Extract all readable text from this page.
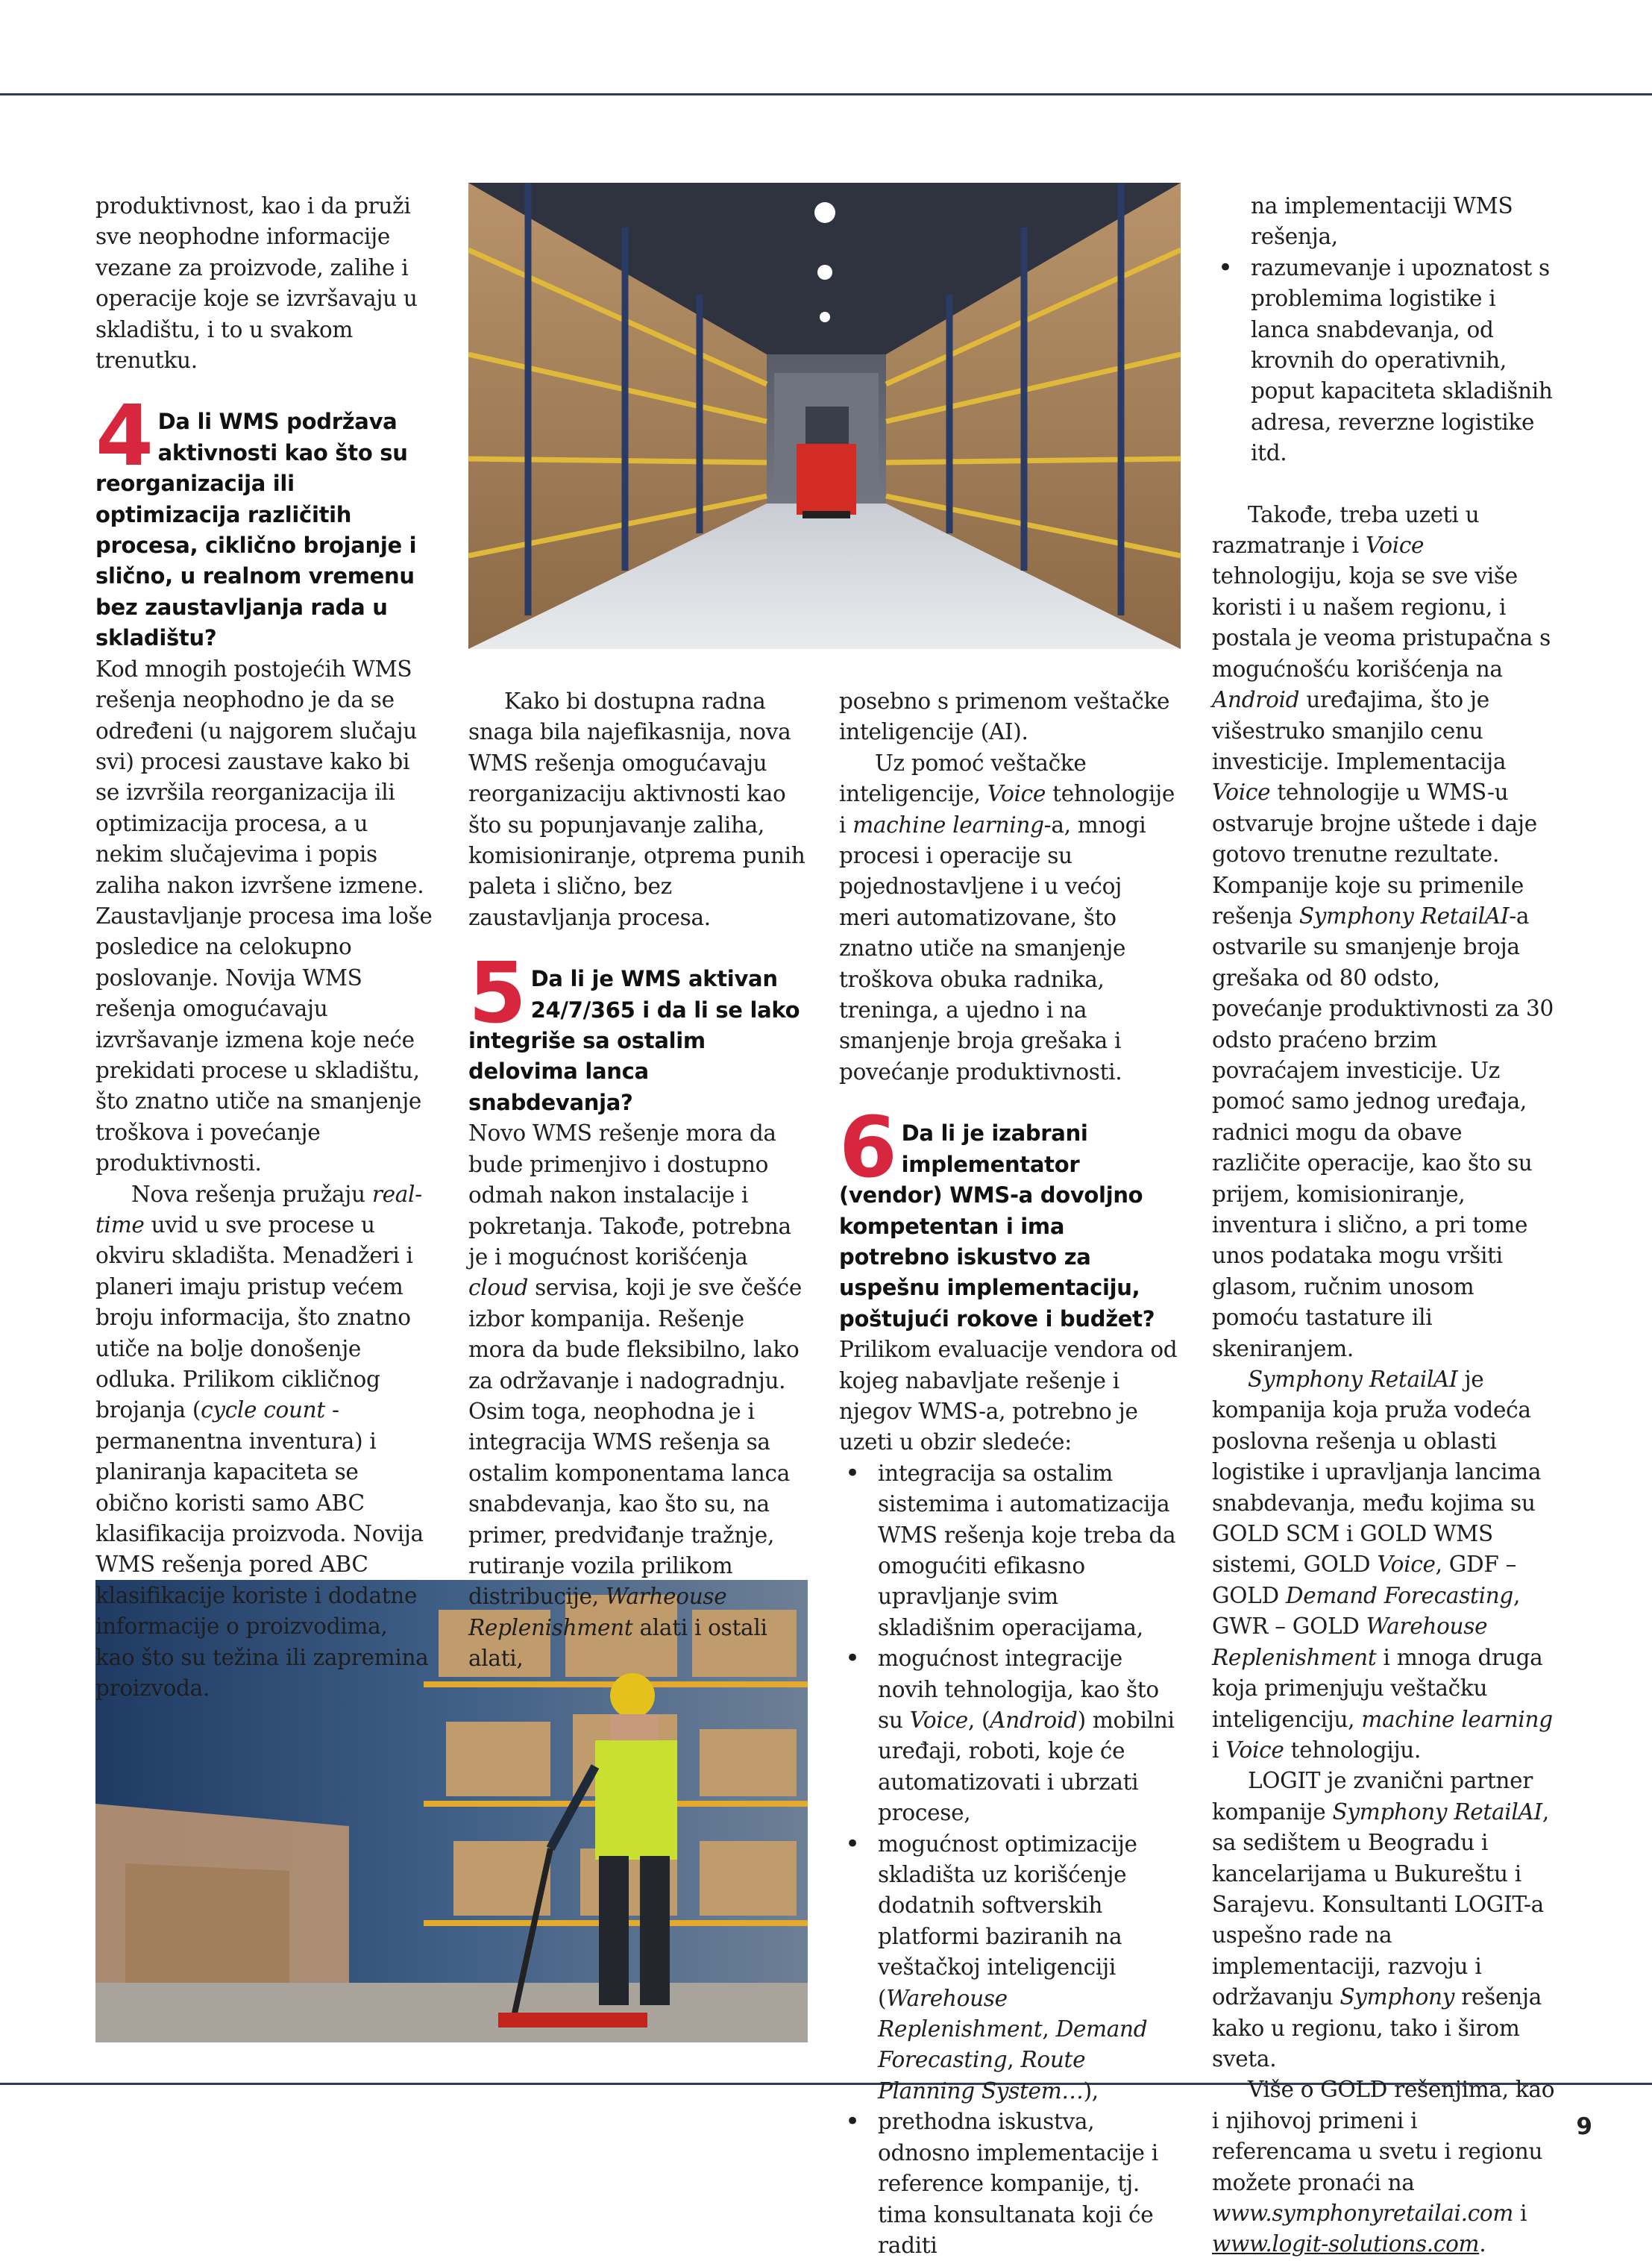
produktivnost, kao i da pruži sve neophodne informacije vezane za proizvode, zalihe i operacije koje se izvršavaju u skladištu, i to u svakom trenutku.

4 Da li WMS podržava aktivnosti kao što su reorganizacija ili optimizacija različitih procesa, ciklično brojanje i slično, u realnom vremenu bez zaustavljanja rada u skladištu?

Kod mnogih postojećih WMS rešenja neophodno je da se određeni (u najgorem slučaju svi) procesi zaustave kako bi se izvršila reorganizacija ili optimizacija procesa, a u nekim slučajevima i popis zaliha nakon izvršene izmene. Zaustavljanje procesa ima loše posledice na celokupno poslovanje. Novija WMS rešenja omogućavaju izvršavanje izmena koje neće prekidati procese u skladištu, što znatno utiče na smanjenje troškova i povećanje produktivnosti.

Nova rešenja pružaju real-time uvid u sve procese u okviru skladišta. Menadžeri i planeri imaju pristup većem broju informacija, što znatno utiče na bolje donošenje odluka. Prilikom cikličnog brojanja (cycle count - permanentna inventura) i planiranja kapaciteta se obično koristi samo ABC klasifikacija proizvoda. Novija WMS rešenja pored ABC klasifikacije koriste i dodatne informacije o proizvodima, kao što su težina ili zapremina proizvoda.

Kako bi dostupna radna snaga bila najefikasnija, nova WMS rešenja omogućavaju reorganizaciju aktivnosti kao što su popunjavanje zaliha, komisioniranje, otprema punih paleta i slično, bez zaustavljanja procesa.

5 Da li je WMS aktivan 24/7/365 i da li se lako integriše sa ostalim delovima lanca snabdevanja?

Novo WMS rešenje mora da bude primenjivo i dostupno odmah nakon instalacije i pokretanja. Takođe, potrebna je i mogućnost korišćenja cloud servisa, koji je sve češće izbor kompanija. Rešenje mora da bude fleksibilno, lako za održavanje i nadogradnju. Osim toga, neophodna je i integracija WMS rešenja sa ostalim komponentama lanca snabdevanja, kao što su, na primer, predviđanje tražnje, rutiranje vozila prilikom distribucije, Warheouse Replenishment alati i ostali alati,

posebno s primenom veštačke inteligencije (AI).

Uz pomoć veštačke inteligencije, Voice tehnologije i machine learning-a, mnogi procesi i operacije su pojednostavljene i u većoj meri automatizovane, što znatno utiče na smanjenje troškova obuka radnika, treninga, a ujedno i na smanjenje broja grešaka i povećanje produktivnosti.

6 Da li je izabrani implementator (vendor) WMS-a dovoljno kompetentan i ima potrebno iskustvo za uspešnu implementaciju, poštujući rokove i budžet?

Prilikom evaluacije vendora od kojeg nabavljate rešenje i njegov WMS-a, potrebno je uzeti u obzir sledeće:

• integracija sa ostalim sistemima i automatizacija WMS rešenja koje treba da omogućiti efikasno upravljanje svim skladišnim operacijama,
• mogućnost integracije novih tehnologija, kao što su Voice, (Android) mobilni uređaji, roboti, koje će automatizovati i ubrzati procese,
• mogućnost optimizacije skladišta uz korišćenje dodatnih softverskih platformi baziranih na veštačkoj inteligenciji (Warehouse Replenishment, Demand Forecasting, Route Planning System…),
• prethodna iskustva, odnosno implementacije i reference kompanije, tj. tima konsultanata koji će raditi
na implementaciji WMS rešenja,
• razumevanje i upoznatost s problemima logistike i lanca snabdevanja, od krovnih do operativnih, poput kapaciteta skladišnih adresa, reverzne logistike itd.

Takođe, treba uzeti u razmatranje i Voice tehnologiju, koja se sve više koristi i u našem regionu, i postala je veoma pristupačna s mogućnošću korišćenja na Android uređajima, što je višestruko smanjilo cenu investicije. Implementacija Voice tehnologije u WMS-u ostvaruje brojne uštede i daje gotovo trenutne rezultate. Kompanije koje su primenile rešenja Symphony RetailAI-a ostvarile su smanjenje broja grešaka od 80 odsto, povećanje produktivnosti za 30 odsto praćeno brzim povraćajem investicije. Uz pomoć samo jednog uređaja, radnici mogu da obave različite operacije, kao što su prijem, komisioniranje, inventura i slično, a pri tome unos podataka mogu vršiti glasom, ručnim unosom pomoću tastature ili skeniranjem.

Symphony RetailAI je kompanija koja pruža vodeća poslovna rešenja u oblasti logistike i upravljanja lancima snabdevanja, među kojima su GOLD SCM i GOLD WMS sistemi, GOLD Voice, GDF – GOLD Demand Forecasting, GWR – GOLD Warehouse Replenishment i mnoga druga koja primenjuju veštačku inteligenciju, machine learning i Voice tehnologiju.

LOGIT je zvanični partner kompanije Symphony RetailAI, sa sedištem u Beogradu i kancelarijama u Bukureštu i Sarajevu. Konsultanti LOGIT-a uspešno rade na implementaciji, razvoju i održavanju Symphony rešenja kako u regionu, tako i širom sveta.

Više o GOLD rešenjima, kao i njihovoj primeni i referencama u svetu i regionu možete pronaći na www.symphonyretailai.com i www.logit-solutions.com.

9
